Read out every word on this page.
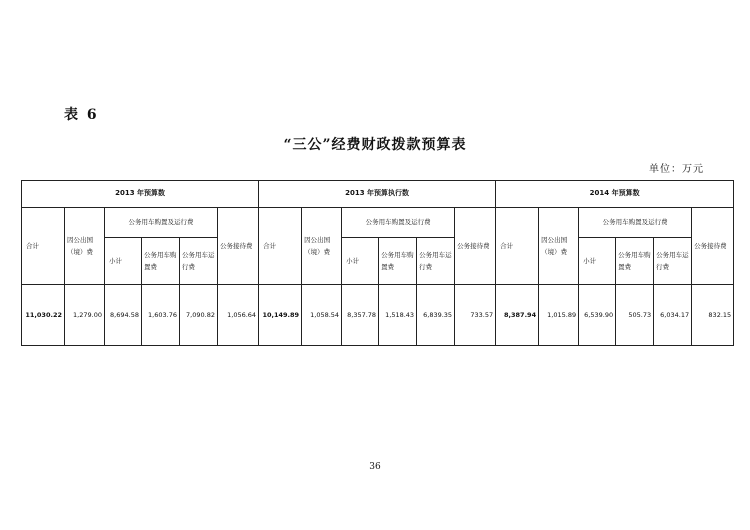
表 6
“三公”经费财政拨款预算表
单位：万元
2013 年预算数						2013 年预算执行数						2014 年预算数					
合计	因公出国（境）费	公务用车购置及运行费			公务接待费	合计	因公出国（境）费	公务用车购置及运行费			公务接待费	合计	因公出国（境）费	公务用车购置及运行费			公务接待费
		小计	公务用车购置费	公务用车运行费				小计	公务用车购置费	公务用车运行费				小计	公务用车购置费	公务用车运行费	
11,030.22	1,279.00	8,694.58	1,603.76	7,090.82	1,056.64	10,149.89	1,058.54	8,357.78	1,518.43	6,839.35	733.57	8,387.94	1,015.89	6,539.90	505.73	6,034.17	832.15
36
